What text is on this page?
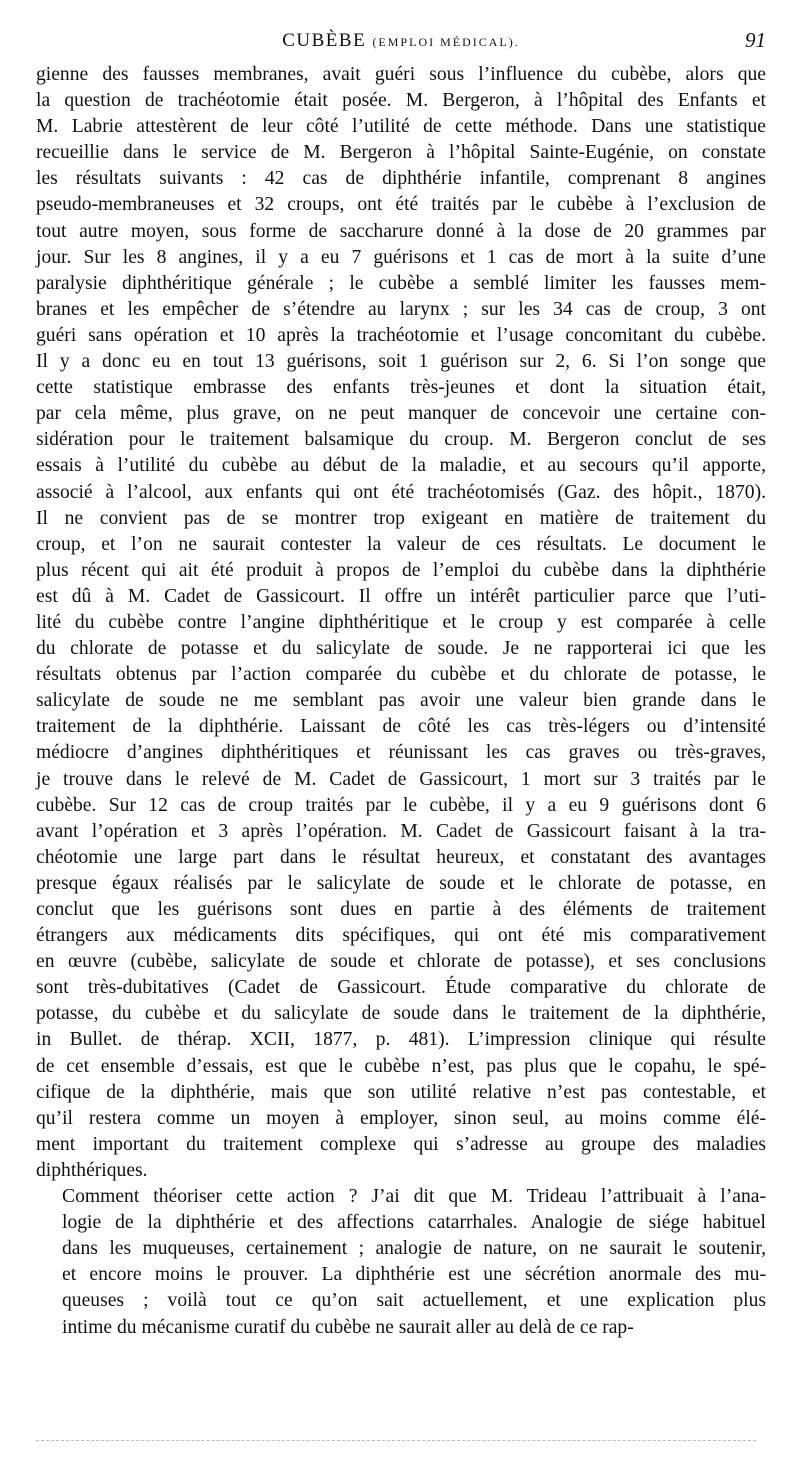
CUBÈBE (EMPLOI MÉDICAL).	91

gienne des fausses membranes, avait guéri sous l’influence du cubèbe, alors que
la question de trachéotomie était posée. M. Bergeron, à l’hôpital des Enfants et
M. Labrie attestèrent de leur côté l’utilité de cette méthode. Dans une statistique
recueillie dans le service de M. Bergeron à l’hôpital Sainte-Eugénie, on constate
les résultats suivants : 42 cas de diphthérie infantile, comprenant 8 angines
pseudo-membraneuses et 32 croups, ont été traités par le cubèbe à l’exclusion de
tout autre moyen, sous forme de saccharure donné à la dose de 20 grammes par
jour. Sur les 8 angines, il y a eu 7 guérisons et 1 cas de mort à la suite d’une
paralysie diphthéritique générale ; le cubèbe a semblé limiter les fausses mem-
branes et les empêcher de s’étendre au larynx ; sur les 34 cas de croup, 3 ont
guéri sans opération et 10 après la trachéotomie et l’usage concomitant du cubèbe.
Il y a donc eu en tout 13 guérisons, soit 1 guérison sur 2, 6. Si l’on songe que
cette statistique embrasse des enfants très-jeunes et dont la situation était,
par cela même, plus grave, on ne peut manquer de concevoir une certaine con-
sidération pour le traitement balsamique du croup. M. Bergeron conclut de ses
essais à l’utilité du cubèbe au début de la maladie, et au secours qu’il apporte,
associé à l’alcool, aux enfants qui ont été trachéotomisés (Gaz. des hôpit., 1870).
Il ne convient pas de se montrer trop exigeant en matière de traitement du
croup, et l’on ne saurait contester la valeur de ces résultats. Le document le
plus récent qui ait été produit à propos de l’emploi du cubèbe dans la diphthérie
est dû à M. Cadet de Gassicourt. Il offre un intérêt particulier parce que l’uti-
lité du cubèbe contre l’angine diphthéritique et le croup y est comparée à celle
du chlorate de potasse et du salicylate de soude. Je ne rapporterai ici que les
résultats obtenus par l’action comparée du cubèbe et du chlorate de potasse, le
salicylate de soude ne me semblant pas avoir une valeur bien grande dans le
traitement de la diphthérie. Laissant de côté les cas très-légers ou d’intensité
médiocre d’angines diphthéritiques et réunissant les cas graves ou très-graves,
je trouve dans le relevé de M. Cadet de Gassicourt, 1 mort sur 3 traités par le
cubèbe. Sur 12 cas de croup traités par le cubèbe, il y a eu 9 guérisons dont 6
avant l’opération et 3 après l’opération. M. Cadet de Gassicourt faisant à la tra-
chéotomie une large part dans le résultat heureux, et constatant des avantages
presque égaux réalisés par le salicylate de soude et le chlorate de potasse, en
conclut que les guérisons sont dues en partie à des éléments de traitement
étrangers aux médicaments dits spécifiques, qui ont été mis comparativement
en œuvre (cubèbe, salicylate de soude et chlorate de potasse), et ses conclusions
sont très-dubitatives (Cadet de Gassicourt. Étude comparative du chlorate de
potasse, du cubèbe et du salicylate de soude dans le traitement de la diphthérie,
in Bullet. de thérap. XCII, 1877, p. 481). L’impression clinique qui résulte
de cet ensemble d’essais, est que le cubèbe n’est, pas plus que le copahu, le spé-
cifique de la diphthérie, mais que son utilité relative n’est pas contestable, et
qu’il restera comme un moyen à employer, sinon seul, au moins comme élé-
ment important du traitement complexe qui s’adresse au groupe des maladies
diphthériques.

Comment théoriser cette action ? J’ai dit que M. Trideau l’attribuait à l’ana-
logie de la diphthérie et des affections catarrhales. Analogie de siége habituel
dans les muqueuses, certainement ; analogie de nature, on ne saurait le soutenir,
et encore moins le prouver. La diphthérie est une sécrétion anormale des mu-
queuses ; voilà tout ce qu’on sait actuellement, et une explication plus
intime du mécanisme curatif du cubèbe ne saurait aller au delà de ce rap-
